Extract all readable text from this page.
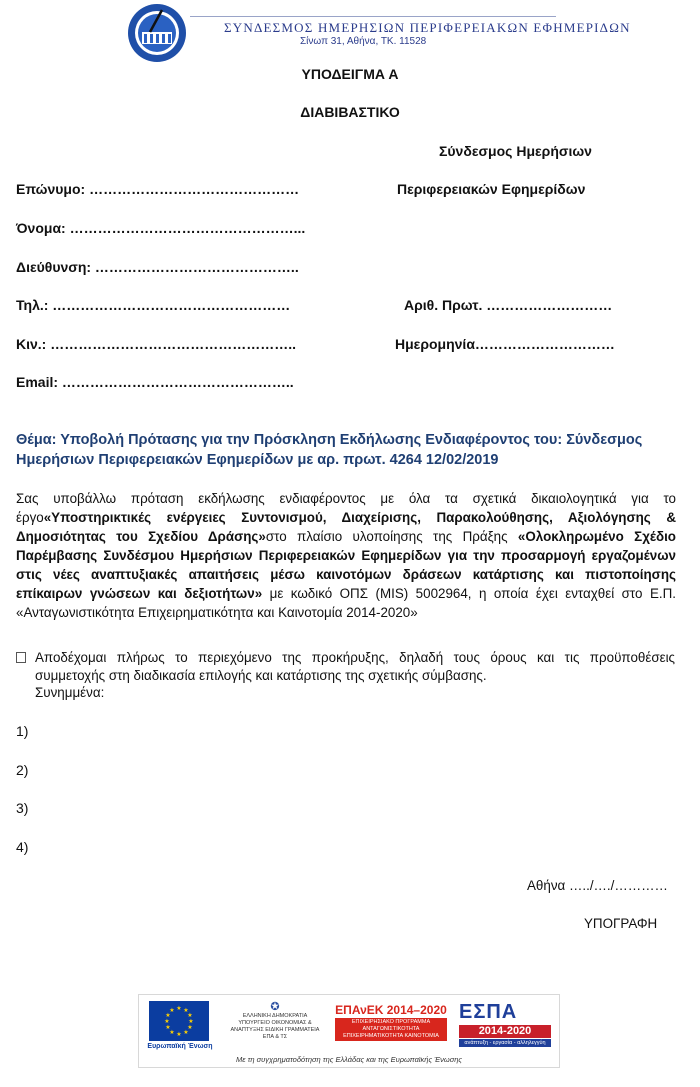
ΣΥΝΔΕΣΜΟΣ ΗΜΕΡΗΣΙΩΝ ΠΕΡΙΦΕΡΕΙΑΚΩΝ ΕΦΗΜΕΡΙΔΩΝ
Σίνωπ 31, Αθήνα, ΤΚ. 11528
ΥΠΟΔΕΙΓΜΑ Α
ΔΙΑΒΙΒΑΣΤΙΚΟ
Σύνδεσμος Ημερήσιων
Περιφερειακών Εφημερίδων
Επώνυμο: ………………………………………
Όνομα: …………………………………………...
Διεύθυνση: ……………………………………..
Τηλ.: ……………………………………………
Κιν.: ……………………………………………..
Email: …………………………………………..
Αριθ. Πρωτ. ………………………
Ημερομηνία…………………………
Θέμα: Υποβολή Πρότασης για την Πρόσκληση Εκδήλωσης Ενδιαφέροντος του: Σύνδεσμος Ημερήσιων Περιφερειακών Εφημερίδων με αρ. πρωτ. 4264 12/02/2019
Σας υποβάλλω πρόταση εκδήλωσης ενδιαφέροντος με όλα τα σχετικά δικαιολογητικά για το έργο«Υποστηρικτικές ενέργειες Συντονισμού, Διαχείρισης, Παρακολούθησης, Αξιολόγησης & Δημοσιότητας του Σχεδίου Δράσης»στο πλαίσιο υλοποίησης της Πράξης «Ολοκληρωμένο Σχέδιο Παρέμβασης Συνδέσμου Ημερήσιων Περιφερειακών Εφημερίδων για την προσαρμογή εργαζομένων στις νέες αναπτυξιακές απαιτήσεις μέσω καινοτόμων δράσεων κατάρτισης και πιστοποίησης επίκαιρων γνώσεων και δεξιοτήτων» με κωδικό ΟΠΣ (MIS) 5002964, η οποία έχει ενταχθεί στο Ε.Π. «Ανταγωνιστικότητα Επιχειρηματικότητα και Καινοτομία 2014-2020»
Αποδέχομαι πλήρως το περιεχόμενο της προκήρυξης, δηλαδή τους όρους και τις προϋποθέσεις συμμετοχής στη διαδικασία επιλογής και κατάρτισης της σχετικής σύμβασης.
Συνημμένα:
1)
2)
3)
4)
Αθήνα …../…./…………
ΥΠΟΓΡΑΦΗ
★ ★
★
★
★
★
★
★
★
★
★
★
Ευρωπαϊκή Ένωση
✪
ΕΛΛΗΝΙΚΗ ΔΗΜΟΚΡΑΤΙΑ ΥΠΟΥΡΓΕΙΟ ΟΙΚΟΝΟΜΙΑΣ & ΑΝΑΠΤΥΞΗΣ ΕΙΔΙΚΗ ΓΡΑΜΜΑΤΕΙΑ ΕΠΑ & ΤΣ
ΕΠΑνΕΚ 2014–2020
ΕΠΙΧΕΙΡΗΣΙΑΚΟ ΠΡΟΓΡΑΜΜΑ ΑΝΤΑΓΩΝΙΣΤΙΚΟΤΗΤΑ ΕΠΙΧΕΙΡΗΜΑΤΙΚΟΤΗΤΑ ΚΑΙΝΟΤΟΜΙΑ
ΕΣΠΑ
2014-2020
ανάπτυξη - εργασία - αλληλεγγύη
Με τη συγχρηματοδότηση της Ελλάδας και της Ευρωπαϊκής Ένωσης
